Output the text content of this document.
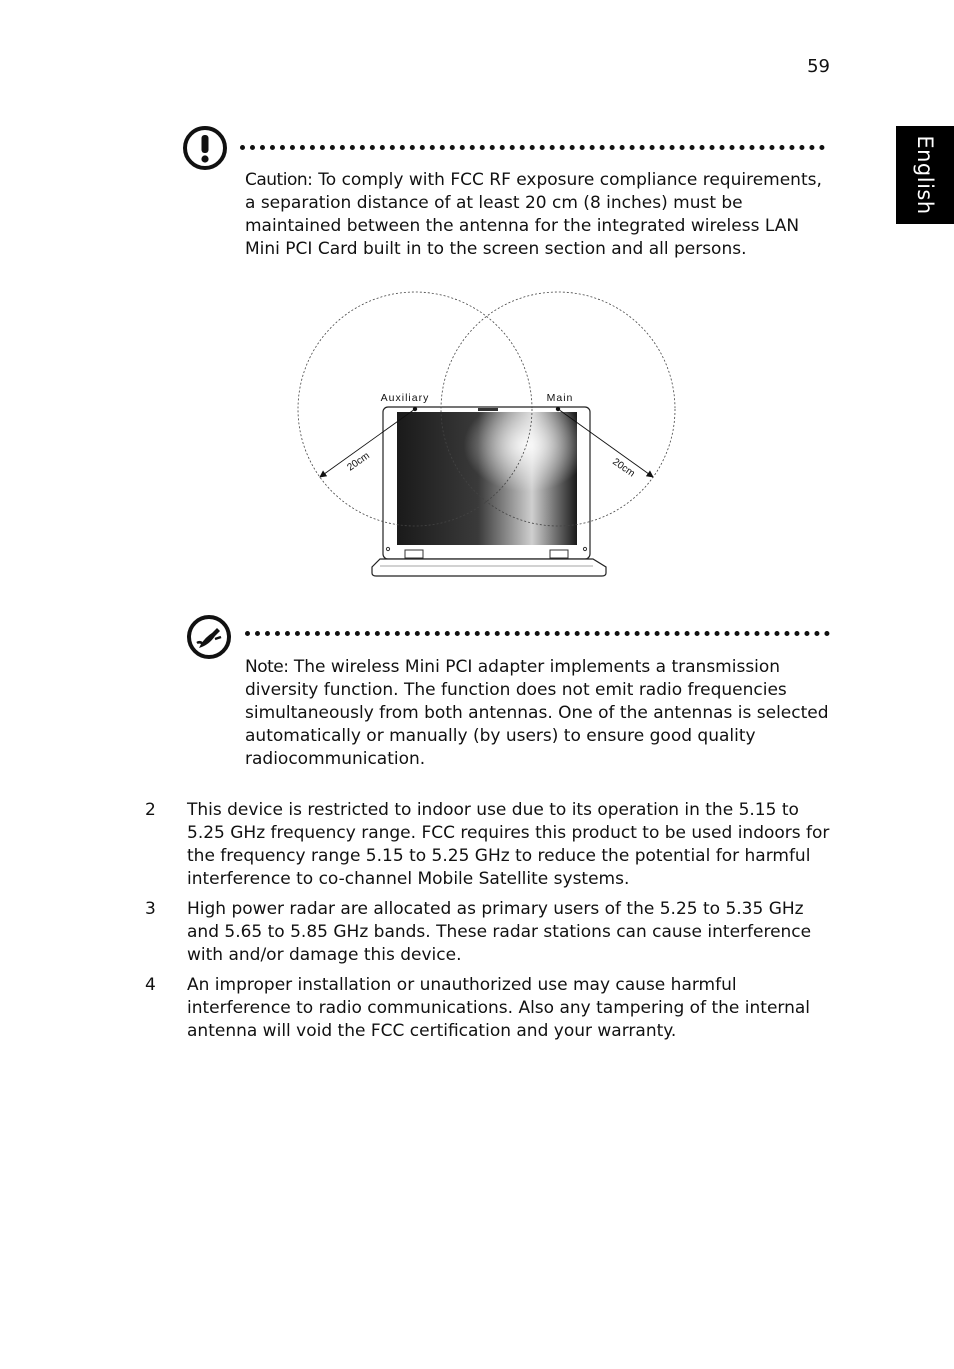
59
English

Caution: To comply with FCC RF exposure compliance requirements, a separation distance of at least 20 cm (8 inches) must be maintained between the antenna for the integrated wireless LAN Mini PCI Card built in to the screen section and all persons.

Auxiliary	Main
20cm	20cm

Note: The wireless Mini PCI adapter implements a transmission diversity function. The function does not emit radio frequencies simultaneously from both antennas. One of the antennas is selected automatically or manually (by users) to ensure good quality radiocommunication.

2 This device is restricted to indoor use due to its operation in the 5.15 to 5.25 GHz frequency range. FCC requires this product to be used indoors for the frequency range 5.15 to 5.25 GHz to reduce the potential for harmful interference to co-channel Mobile Satellite systems.

3 High power radar are allocated as primary users of the 5.25 to 5.35 GHz and 5.65 to 5.85 GHz bands. These radar stations can cause interference with and/or damage this device.

4 An improper installation or unauthorized use may cause harmful interference to radio communications. Also any tampering of the internal antenna will void the FCC certification and your warranty.
